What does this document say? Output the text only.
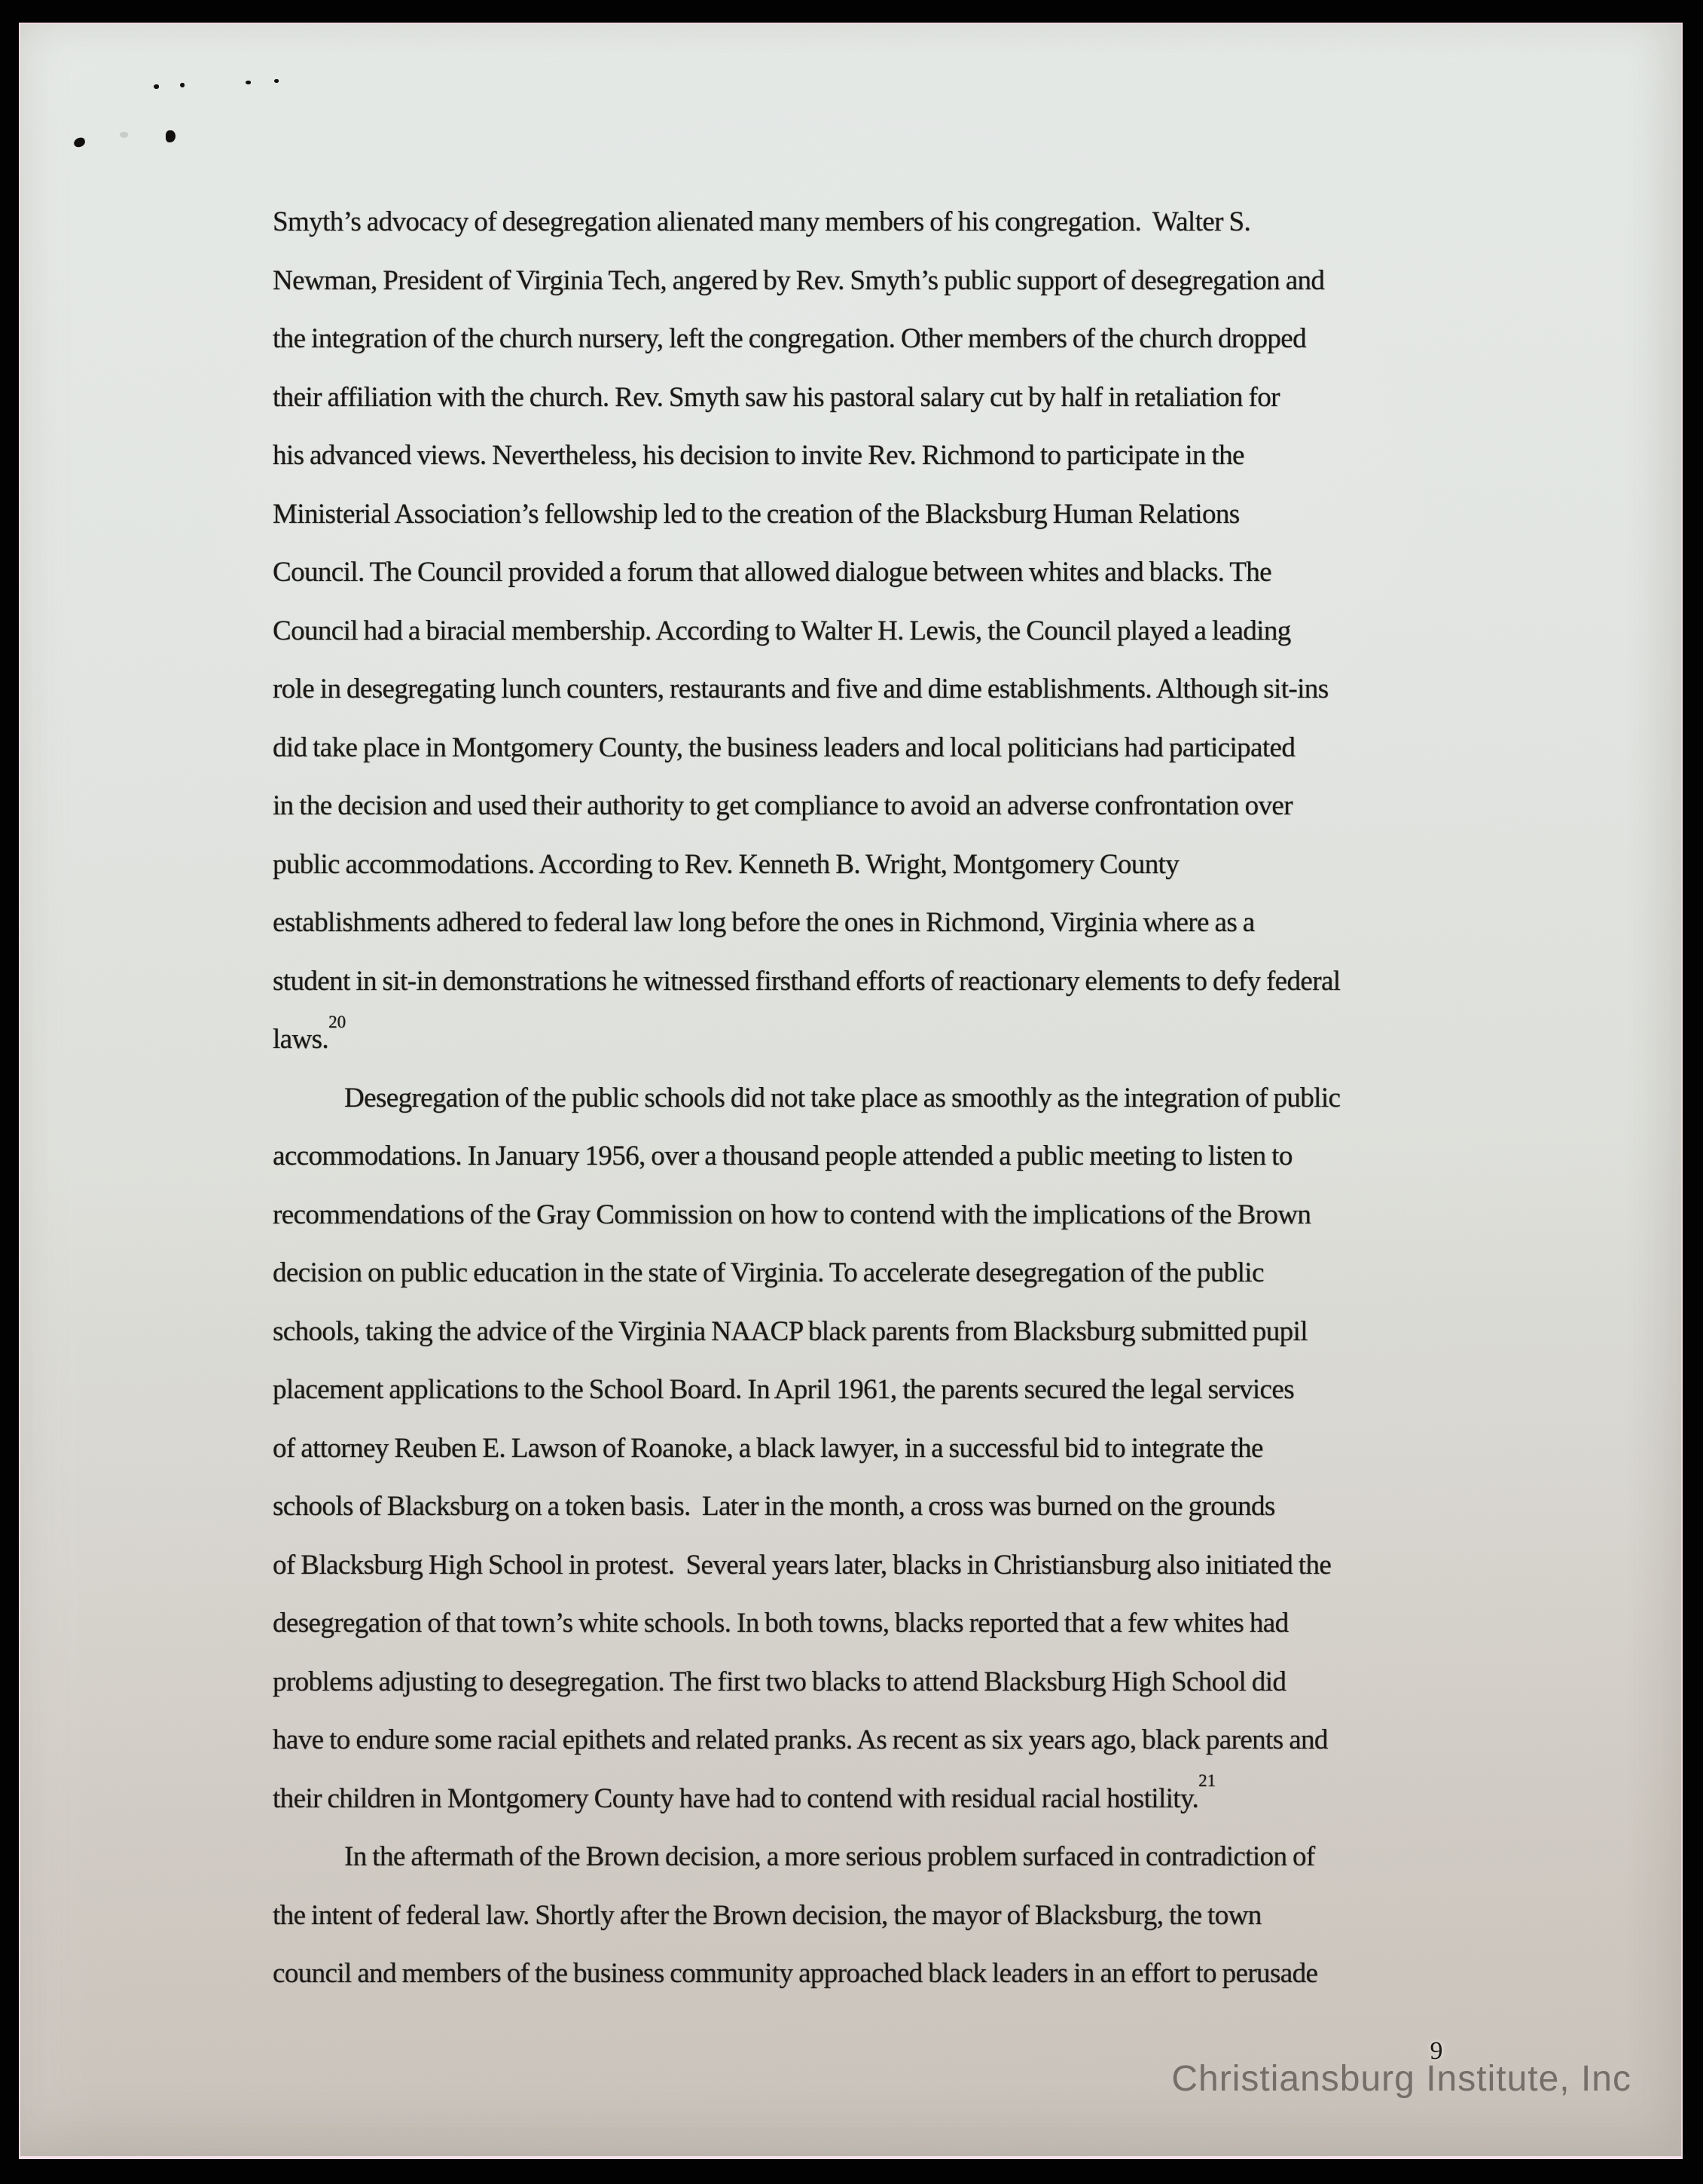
Smyth’s advocacy of desegregation alienated many members of his congregation.  Walter S.
Newman, President of Virginia Tech, angered by Rev. Smyth’s public support of desegregation and
the integration of the church nursery, left the congregation. Other members of the church dropped
their affiliation with the church. Rev. Smyth saw his pastoral salary cut by half in retaliation for
his advanced views. Nevertheless, his decision to invite Rev. Richmond to participate in the
Ministerial Association’s fellowship led to the creation of the Blacksburg Human Relations
Council. The Council provided a forum that allowed dialogue between whites and blacks. The
Council had a biracial membership. According to Walter H. Lewis, the Council played a leading
role in desegregating lunch counters, restaurants and five and dime establishments. Although sit-ins
did take place in Montgomery County, the business leaders and local politicians had participated
in the decision and used their authority to get compliance to avoid an adverse confrontation over
public accommodations. According to Rev. Kenneth B. Wright, Montgomery County
establishments adhered to federal law long before the ones in Richmond, Virginia where as a
student in sit-in demonstrations he witnessed firsthand efforts of reactionary elements to defy federal
laws.$^{20}$
Desegregation of the public schools did not take place as smoothly as the integration of public
accommodations. In January 1956, over a thousand people attended a public meeting to listen to
recommendations of the Gray Commission on how to contend with the implications of the Brown
decision on public education in the state of Virginia. To accelerate desegregation of the public
schools, taking the advice of the Virginia NAACP black parents from Blacksburg submitted pupil
placement applications to the School Board. In April 1961, the parents secured the legal services
of attorney Reuben E. Lawson of Roanoke, a black lawyer, in a successful bid to integrate the
schools of Blacksburg on a token basis.  Later in the month, a cross was burned on the grounds
of Blacksburg High School in protest.  Several years later, blacks in Christiansburg also initiated the
desegregation of that town’s white schools. In both towns, blacks reported that a few whites had
problems adjusting to desegregation. The first two blacks to attend Blacksburg High School did
have to endure some racial epithets and related pranks. As recent as six years ago, black parents and
their children in Montgomery County have had to contend with residual racial hostility.$^{21}$
In the aftermath of the Brown decision, a more serious problem surfaced in contradiction of
the intent of federal law. Shortly after the Brown decision, the mayor of Blacksburg, the town
council and members of the business community approached black leaders in an effort to perusade
9
Christiansburg Institute, Inc
